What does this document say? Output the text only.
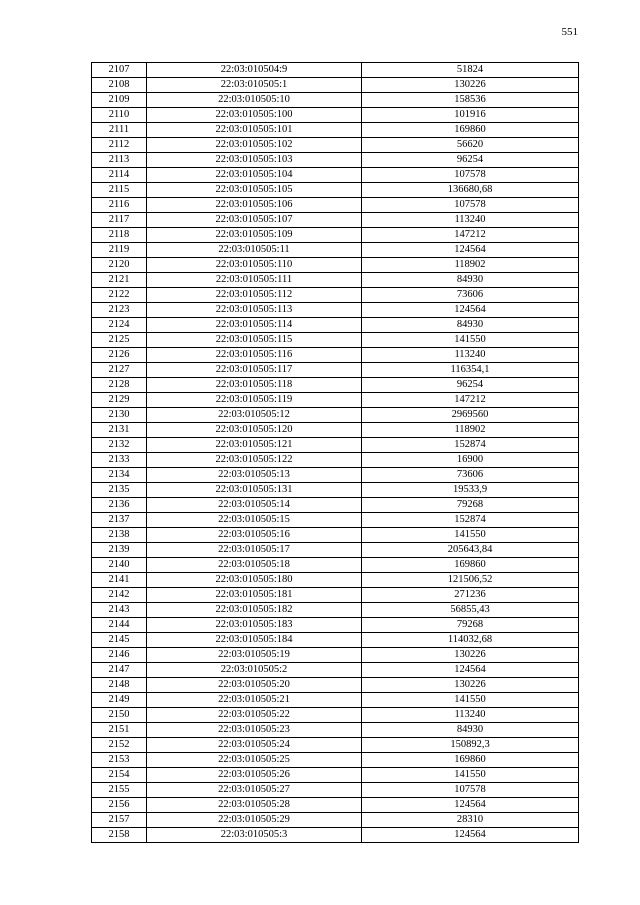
551
2107	22:03:010504:9	51824
2108	22:03:010505:1	130226
2109	22:03:010505:10	158536
2110	22:03:010505:100	101916
2111	22:03:010505:101	169860
2112	22:03:010505:102	56620
2113	22:03:010505:103	96254
2114	22:03:010505:104	107578
2115	22:03:010505:105	136680,68
2116	22:03:010505:106	107578
2117	22:03:010505:107	113240
2118	22:03:010505:109	147212
2119	22:03:010505:11	124564
2120	22:03:010505:110	118902
2121	22:03:010505:111	84930
2122	22:03:010505:112	73606
2123	22:03:010505:113	124564
2124	22:03:010505:114	84930
2125	22:03:010505:115	141550
2126	22:03:010505:116	113240
2127	22:03:010505:117	116354,1
2128	22:03:010505:118	96254
2129	22:03:010505:119	147212
2130	22:03:010505:12	2969560
2131	22:03:010505:120	118902
2132	22:03:010505:121	152874
2133	22:03:010505:122	16900
2134	22:03:010505:13	73606
2135	22:03:010505:131	19533,9
2136	22:03:010505:14	79268
2137	22:03:010505:15	152874
2138	22:03:010505:16	141550
2139	22:03:010505:17	205643,84
2140	22:03:010505:18	169860
2141	22:03:010505:180	121506,52
2142	22:03:010505:181	271236
2143	22:03:010505:182	56855,43
2144	22:03:010505:183	79268
2145	22:03:010505:184	114032,68
2146	22:03:010505:19	130226
2147	22:03:010505:2	124564
2148	22:03:010505:20	130226
2149	22:03:010505:21	141550
2150	22:03:010505:22	113240
2151	22:03:010505:23	84930
2152	22:03:010505:24	150892,3
2153	22:03:010505:25	169860
2154	22:03:010505:26	141550
2155	22:03:010505:27	107578
2156	22:03:010505:28	124564
2157	22:03:010505:29	28310
2158	22:03:010505:3	124564
